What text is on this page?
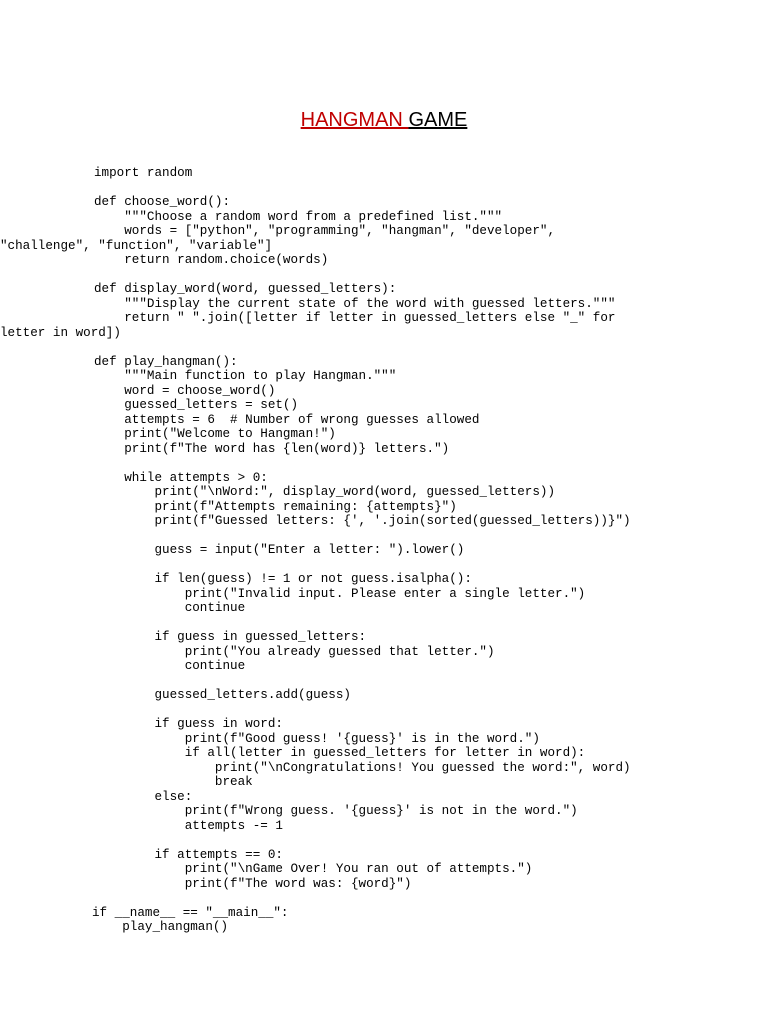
HANGMAN GAME
import random
def choose_word():
"""Choose a random word from a predefined list."""
words = ["python", "programming", "hangman", "developer",
"challenge", "function", "variable"]
return random.choice(words)
def display_word(word, guessed_letters):
"""Display the current state of the word with guessed letters."""
return " ".join([letter if letter in guessed_letters else "_" for
letter in word])
def play_hangman():
"""Main function to play Hangman."""
word = choose_word()
guessed_letters = set()
attempts = 6  # Number of wrong guesses allowed
print("Welcome to Hangman!")
print(f"The word has {len(word)} letters.")
while attempts > 0:
print("\nWord:", display_word(word, guessed_letters))
print(f"Attempts remaining: {attempts}")
print(f"Guessed letters: {', '.join(sorted(guessed_letters))}")
guess = input("Enter a letter: ").lower()
if len(guess) != 1 or not guess.isalpha():
print("Invalid input. Please enter a single letter.")
continue
if guess in guessed_letters:
print("You already guessed that letter.")
continue
guessed_letters.add(guess)
if guess in word:
print(f"Good guess! '{guess}' is in the word.")
if all(letter in guessed_letters for letter in word):
print("\nCongratulations! You guessed the word:", word)
break
else:
print(f"Wrong guess. '{guess}' is not in the word.")
attempts -= 1
if attempts == 0:
print("\nGame Over! You ran out of attempts.")
print(f"The word was: {word}")
if __name__ == "__main__":
play_hangman()
